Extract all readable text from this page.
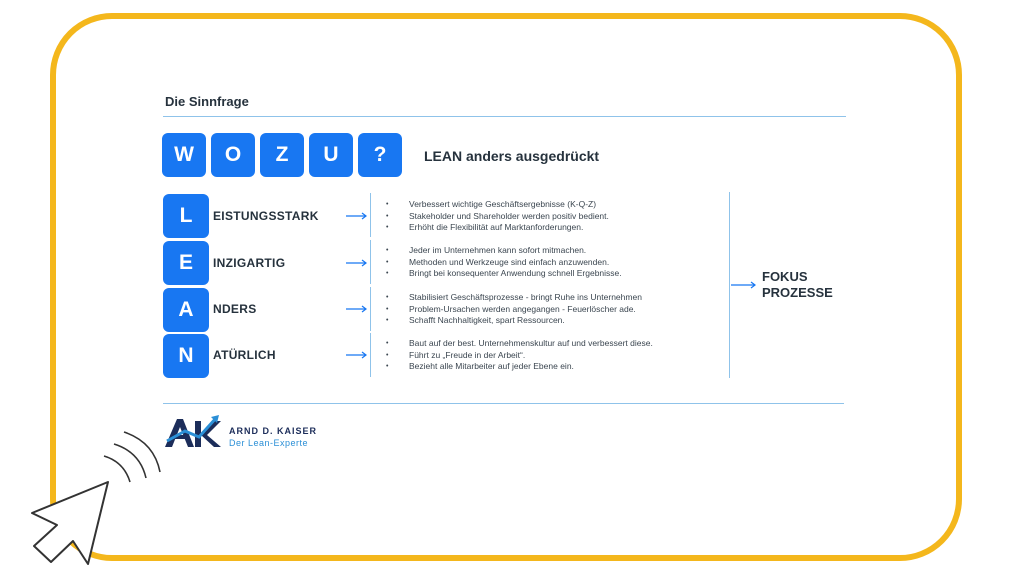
Die Sinnfrage
W	O	Z	U	?	LEAN anders ausgedrückt
L	EISTUNGSSTARK
• Verbessert wichtige Geschäftsergebnisse (K-Q-Z)
• Stakeholder und Shareholder werden positiv bedient.
• Erhöht die Flexibilität auf Marktanforderungen.
E	INZIGARTIG
• Jeder im Unternehmen kann sofort mitmachen.
• Methoden und Werkzeuge sind einfach anzuwenden.
• Bringt bei konsequenter Anwendung schnell Ergebnisse.
A	NDERS
• Stabilisiert Geschäftsprozesse - bringt Ruhe ins Unternehmen
• Problem-Ursachen werden angegangen - Feuerlöscher ade.
• Schafft Nachhaltigkeit, spart Ressourcen.
N	ATÜRLICH
• Baut auf der best. Unternehmenskultur auf und verbessert diese.
• Führt zu „Freude in der Arbeit“.
• Bezieht alle Mitarbeiter auf jeder Ebene ein.
FOKUS
PROZESSE
ARND D. KAISER
Der Lean-Experte
